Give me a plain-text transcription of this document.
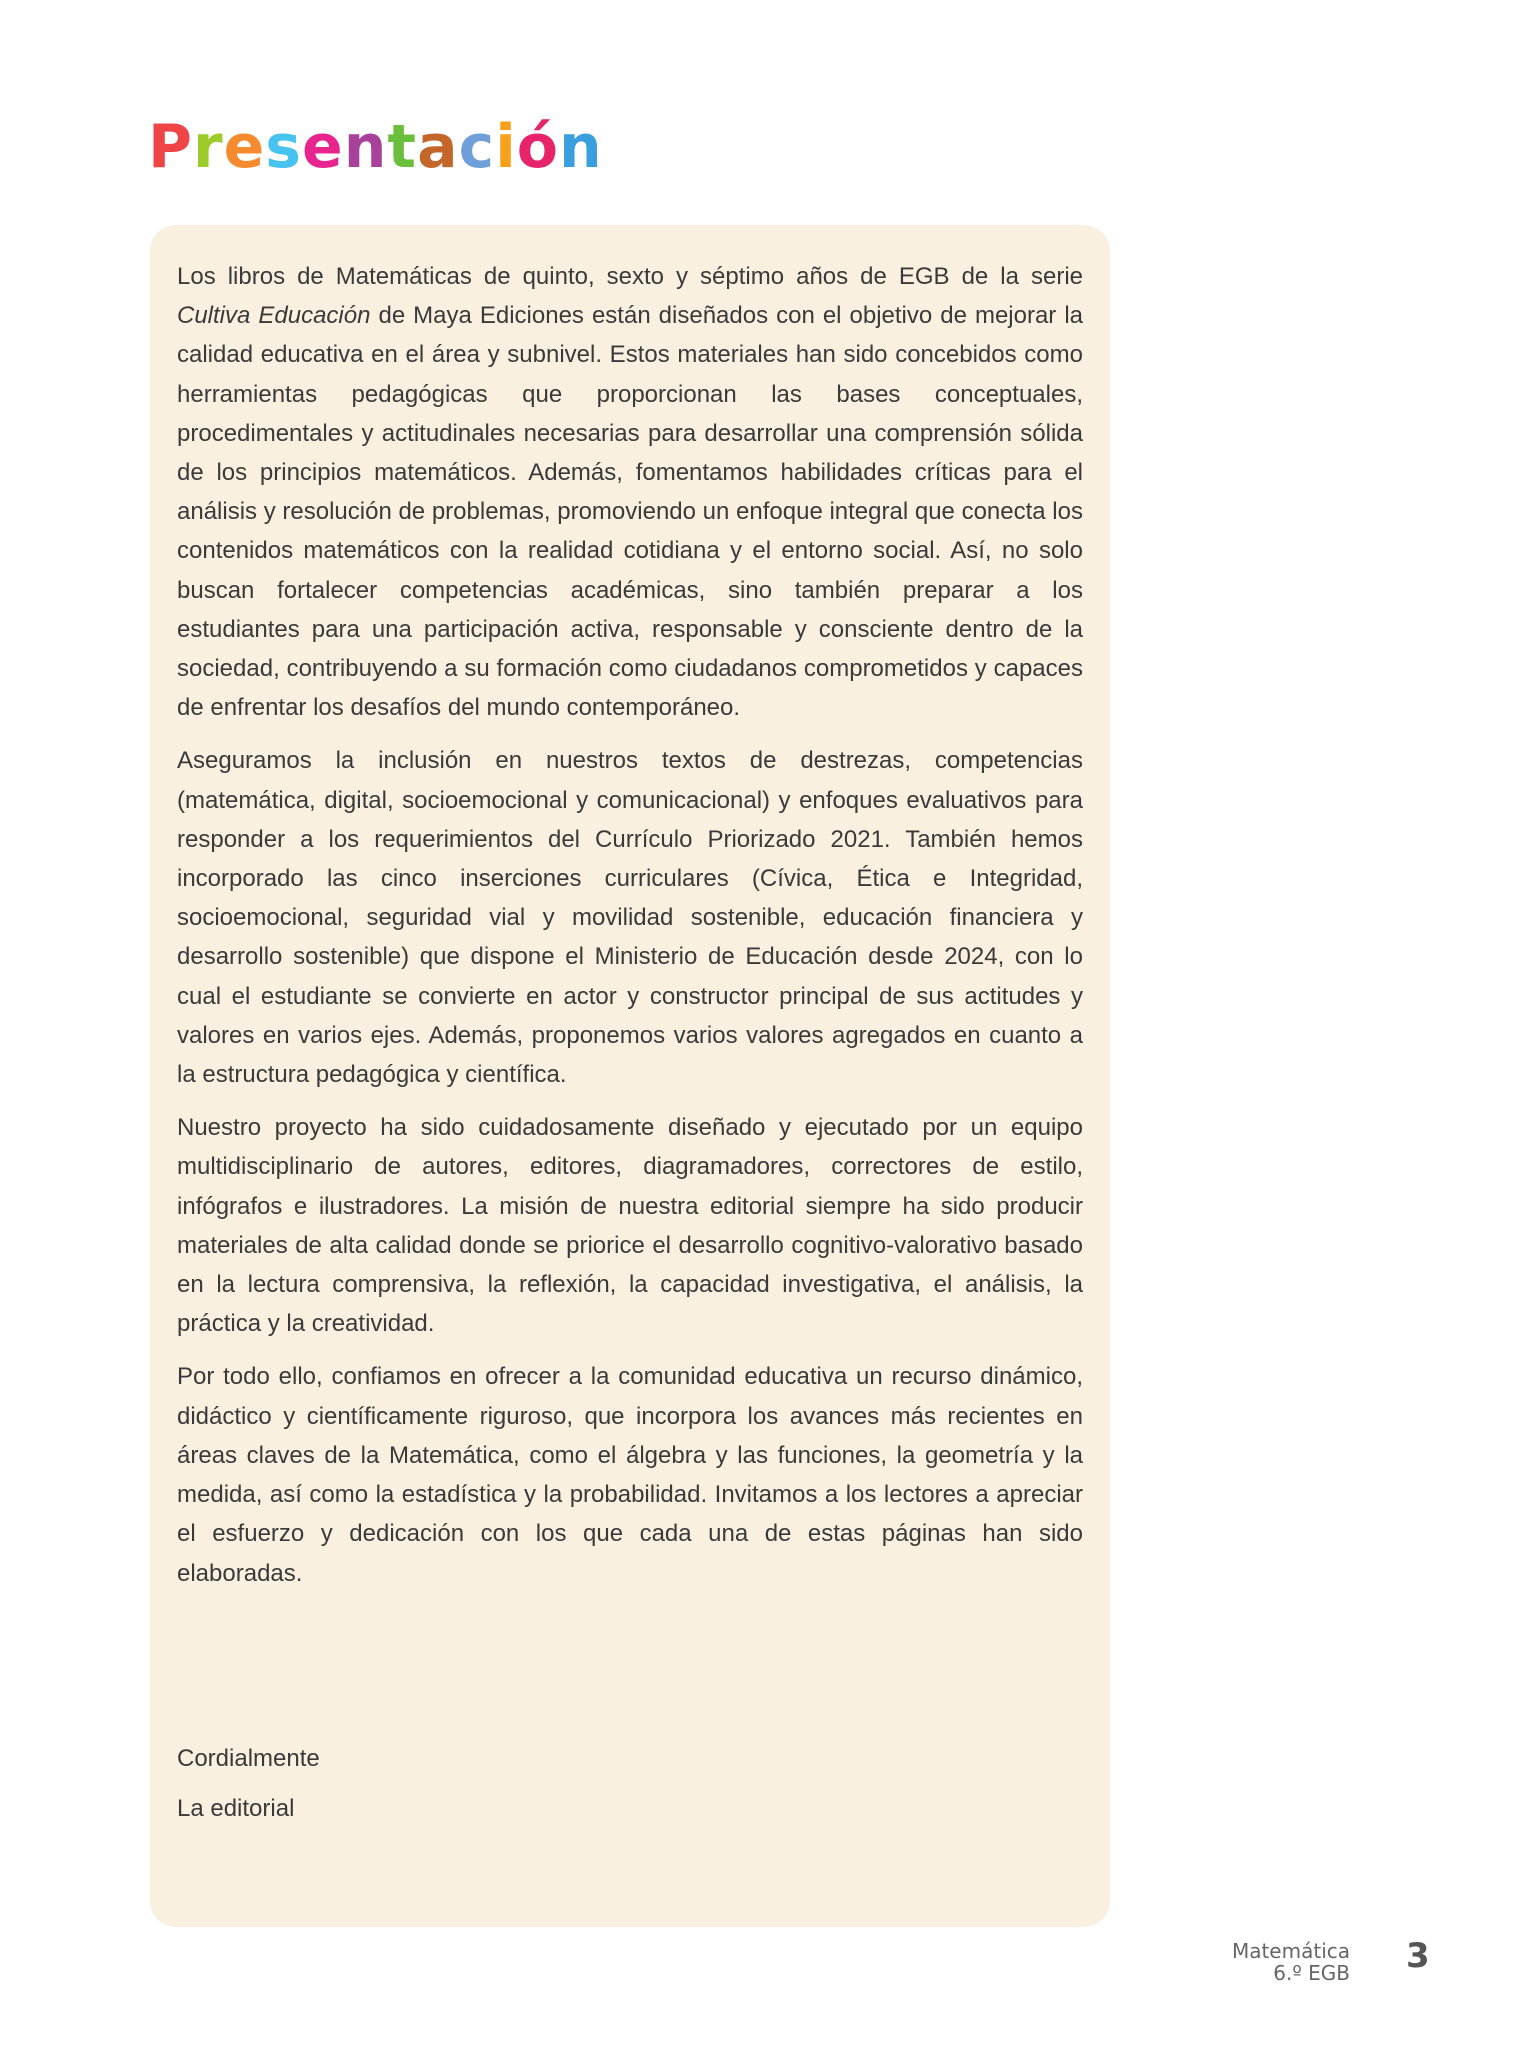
Presentación

Los libros de Matemáticas de quinto, sexto y séptimo años de EGB de la serie Cultiva Educación de Maya Ediciones están diseñados con el objetivo de mejorar la calidad educativa en el área y subnivel. Estos materiales han sido concebidos como herramientas pedagógicas que proporcionan las bases conceptuales, procedimentales y actitudinales necesarias para desarrollar una comprensión sólida de los principios matemáticos. Además, fomentamos habilidades críticas para el análisis y resolución de problemas, promoviendo un enfoque integral que conecta los contenidos matemáticos con la realidad cotidiana y el entorno social. Así, no solo buscan fortalecer competencias académicas, sino también preparar a los estudiantes para una participación activa, responsable y consciente dentro de la sociedad, contribuyendo a su formación como ciudadanos comprometidos y capaces de enfrentar los desafíos del mundo contemporáneo.

Aseguramos la inclusión en nuestros textos de destrezas, competencias (matemática, digital, socioemocional y comunicacional) y enfoques evaluativos para responder a los requerimientos del Currículo Priorizado 2021. También hemos incorporado las cinco inserciones curriculares (Cívica, Ética e Integridad, socioemocional, seguridad vial y movilidad sostenible, educación financiera y desarrollo sostenible) que dispone el Ministerio de Educación desde 2024, con lo cual el estudiante se convierte en actor y constructor principal de sus actitudes y valores en varios ejes. Además, proponemos varios valores agregados en cuanto a la estructura pedagógica y científica.

Nuestro proyecto ha sido cuidadosamente diseñado y ejecutado por un equipo multidisciplinario de autores, editores, diagramadores, correctores de estilo, infógrafos e ilustradores. La misión de nuestra editorial siempre ha sido producir materiales de alta calidad donde se priorice el desarrollo cognitivo-valorativo basado en la lectura comprensiva, la reflexión, la capacidad investigativa, el análisis, la práctica y la creatividad.

Por todo ello, confiamos en ofrecer a la comunidad educativa un recurso dinámico, didáctico y científicamente riguroso, que incorpora los avances más recientes en áreas claves de la Matemática, como el álgebra y las funciones, la geometría y la medida, así como la estadística y la probabilidad. Invitamos a los lectores a apreciar el esfuerzo y dedicación con los que cada una de estas páginas han sido elaboradas.

Cordialmente
La editorial
Matemática
6.º EGB 3
